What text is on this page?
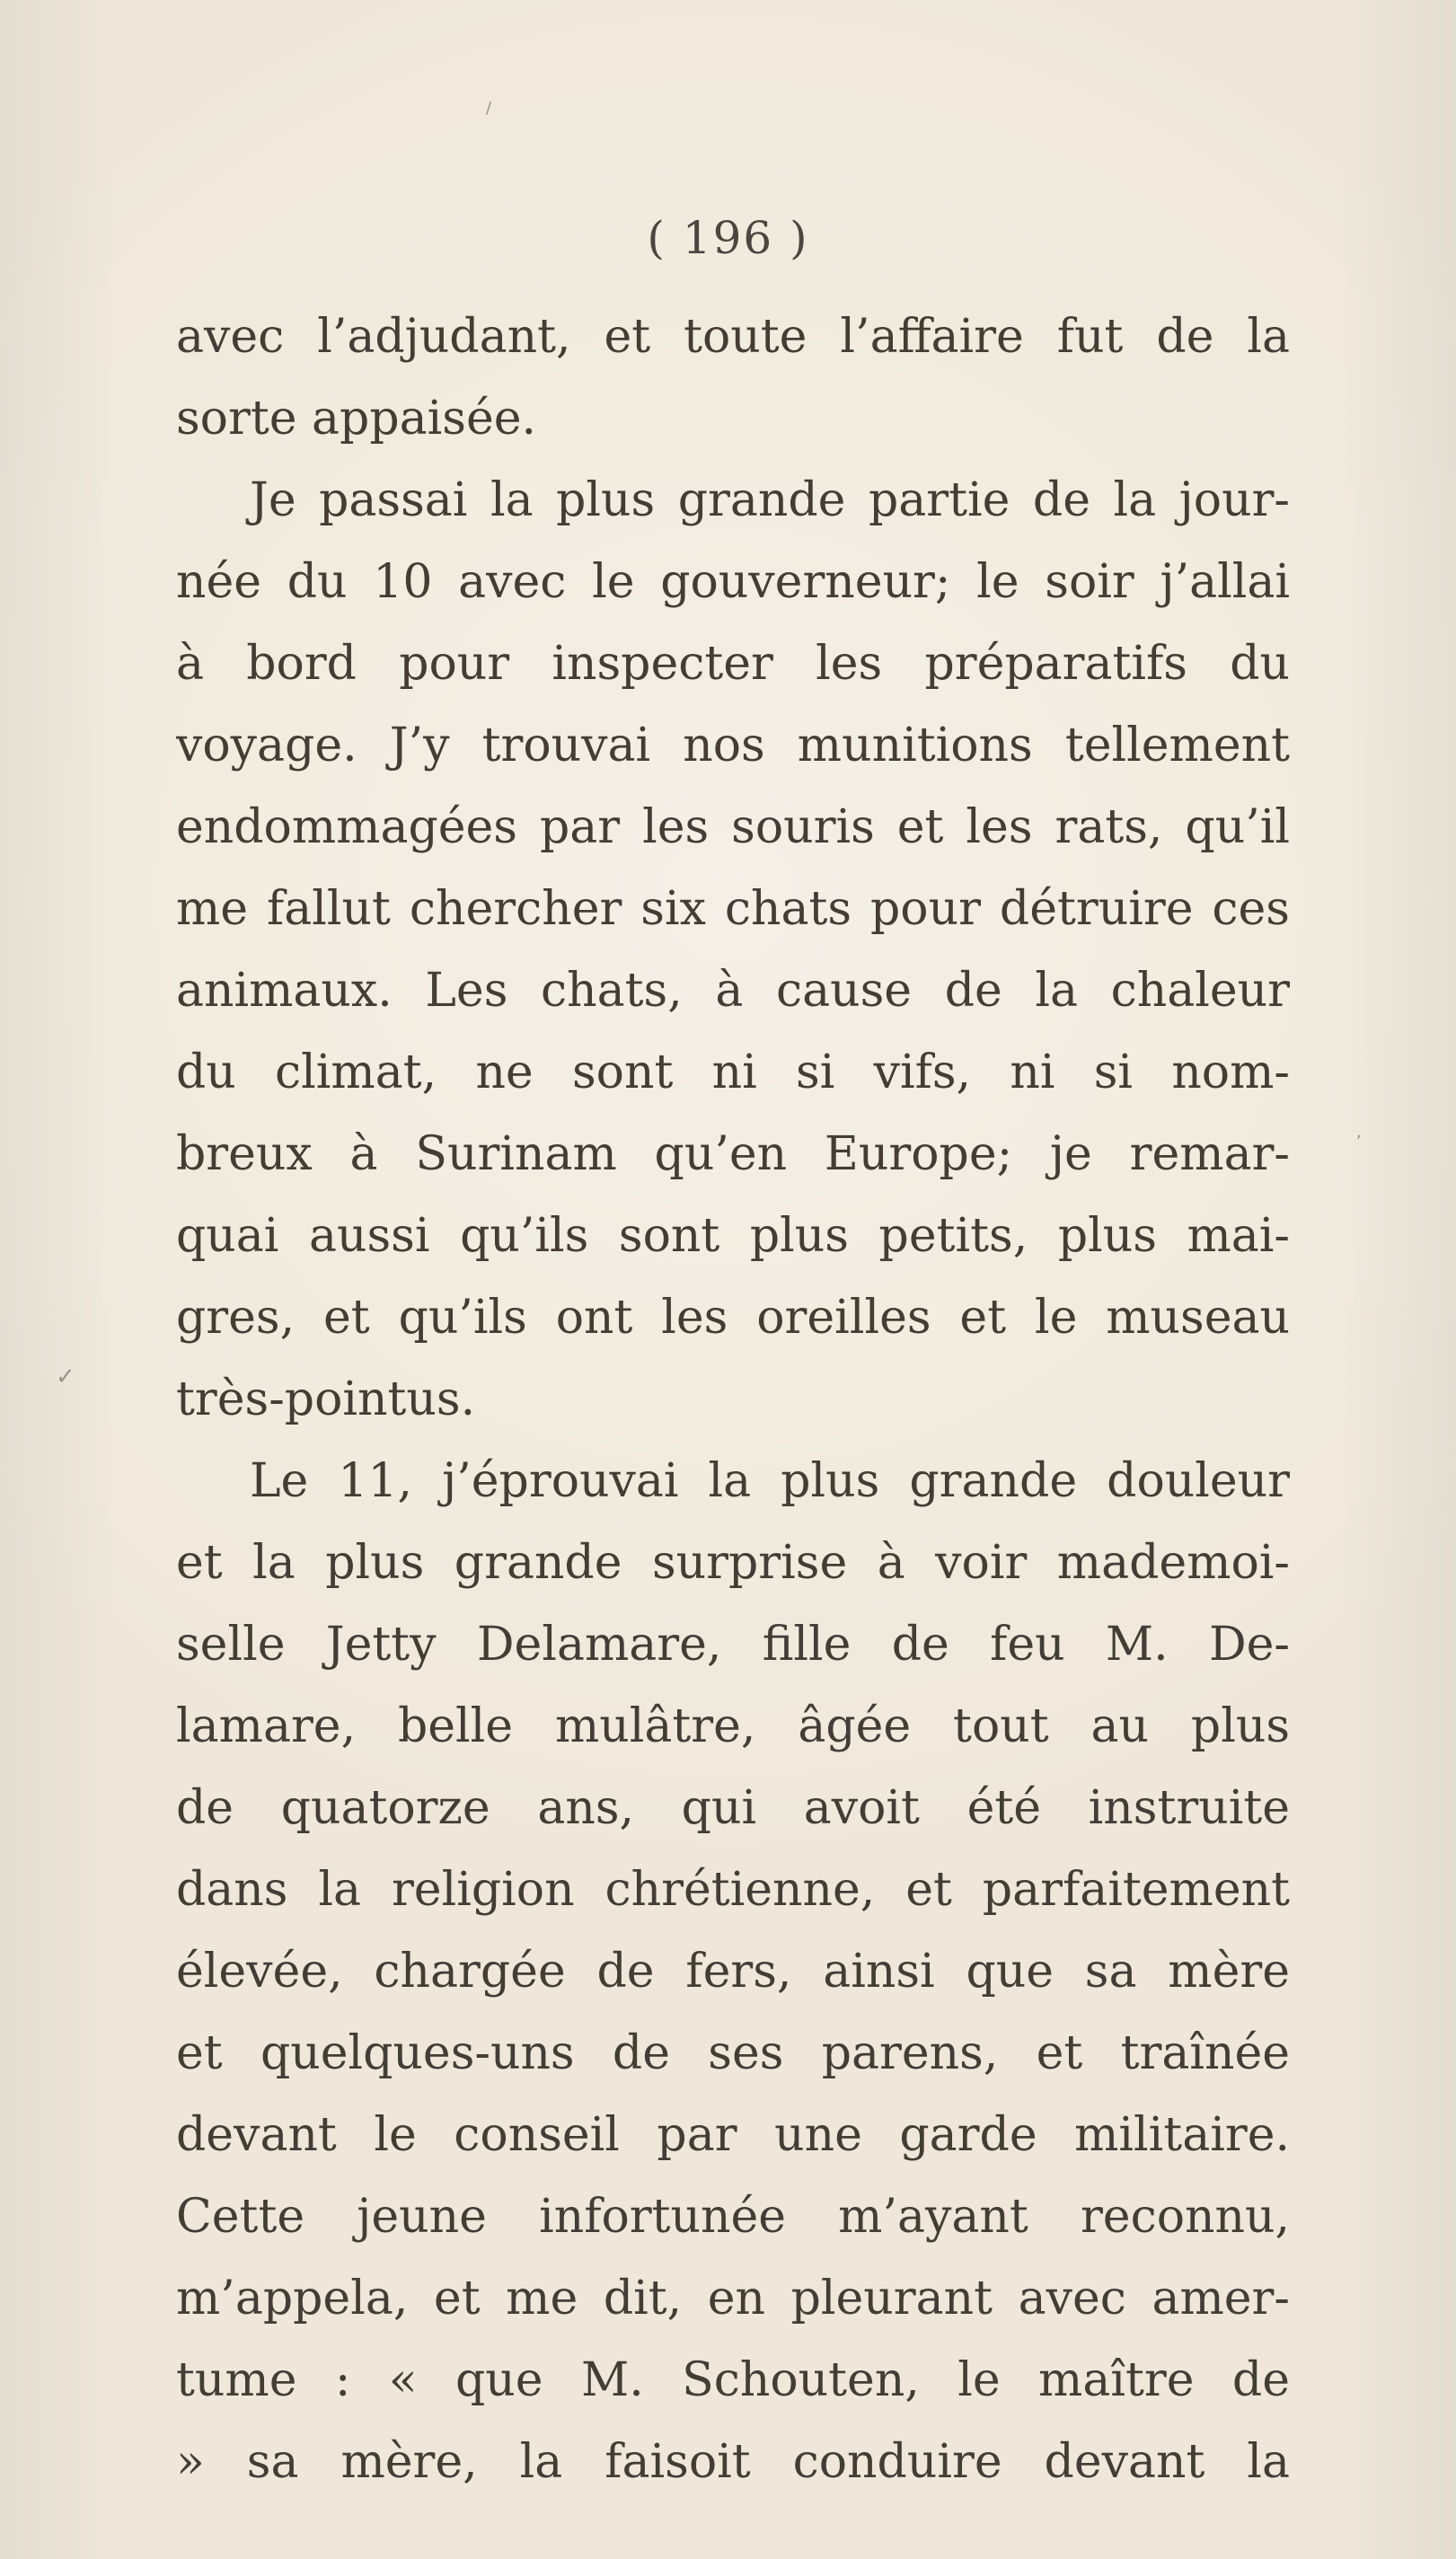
/
✓
,
( 196 )
avec l’adjudant, et toute l’affaire fut de la
sorte appaisée.
Je passai la plus grande partie de la jour-
née du 10 avec le gouverneur; le soir j’allai
à bord pour inspecter les préparatifs du
voyage. J’y trouvai nos munitions tellement
endommagées par les souris et les rats, qu’il
me fallut chercher six chats pour détruire ces
animaux. Les chats, à cause de la chaleur
du climat, ne sont ni si vifs, ni si nom-
breux à Surinam qu’en Europe; je remar-
quai aussi qu’ils sont plus petits, plus mai-
gres, et qu’ils ont les oreilles et le museau
très-pointus.
Le 11, j’éprouvai la plus grande douleur
et la plus grande surprise à voir mademoi-
selle Jetty Delamare, fille de feu M. De-
lamare, belle mulâtre, âgée tout au plus
de quatorze ans, qui avoit été instruite
dans la religion chrétienne, et parfaitement
élevée, chargée de fers, ainsi que sa mère
et quelques-uns de ses parens, et traînée
devant le conseil par une garde militaire.
Cette jeune infortunée m’ayant reconnu,
m’appela, et me dit, en pleurant avec amer-
tume : « que M. Schouten, le maître de
» sa mère, la faisoit conduire devant la
